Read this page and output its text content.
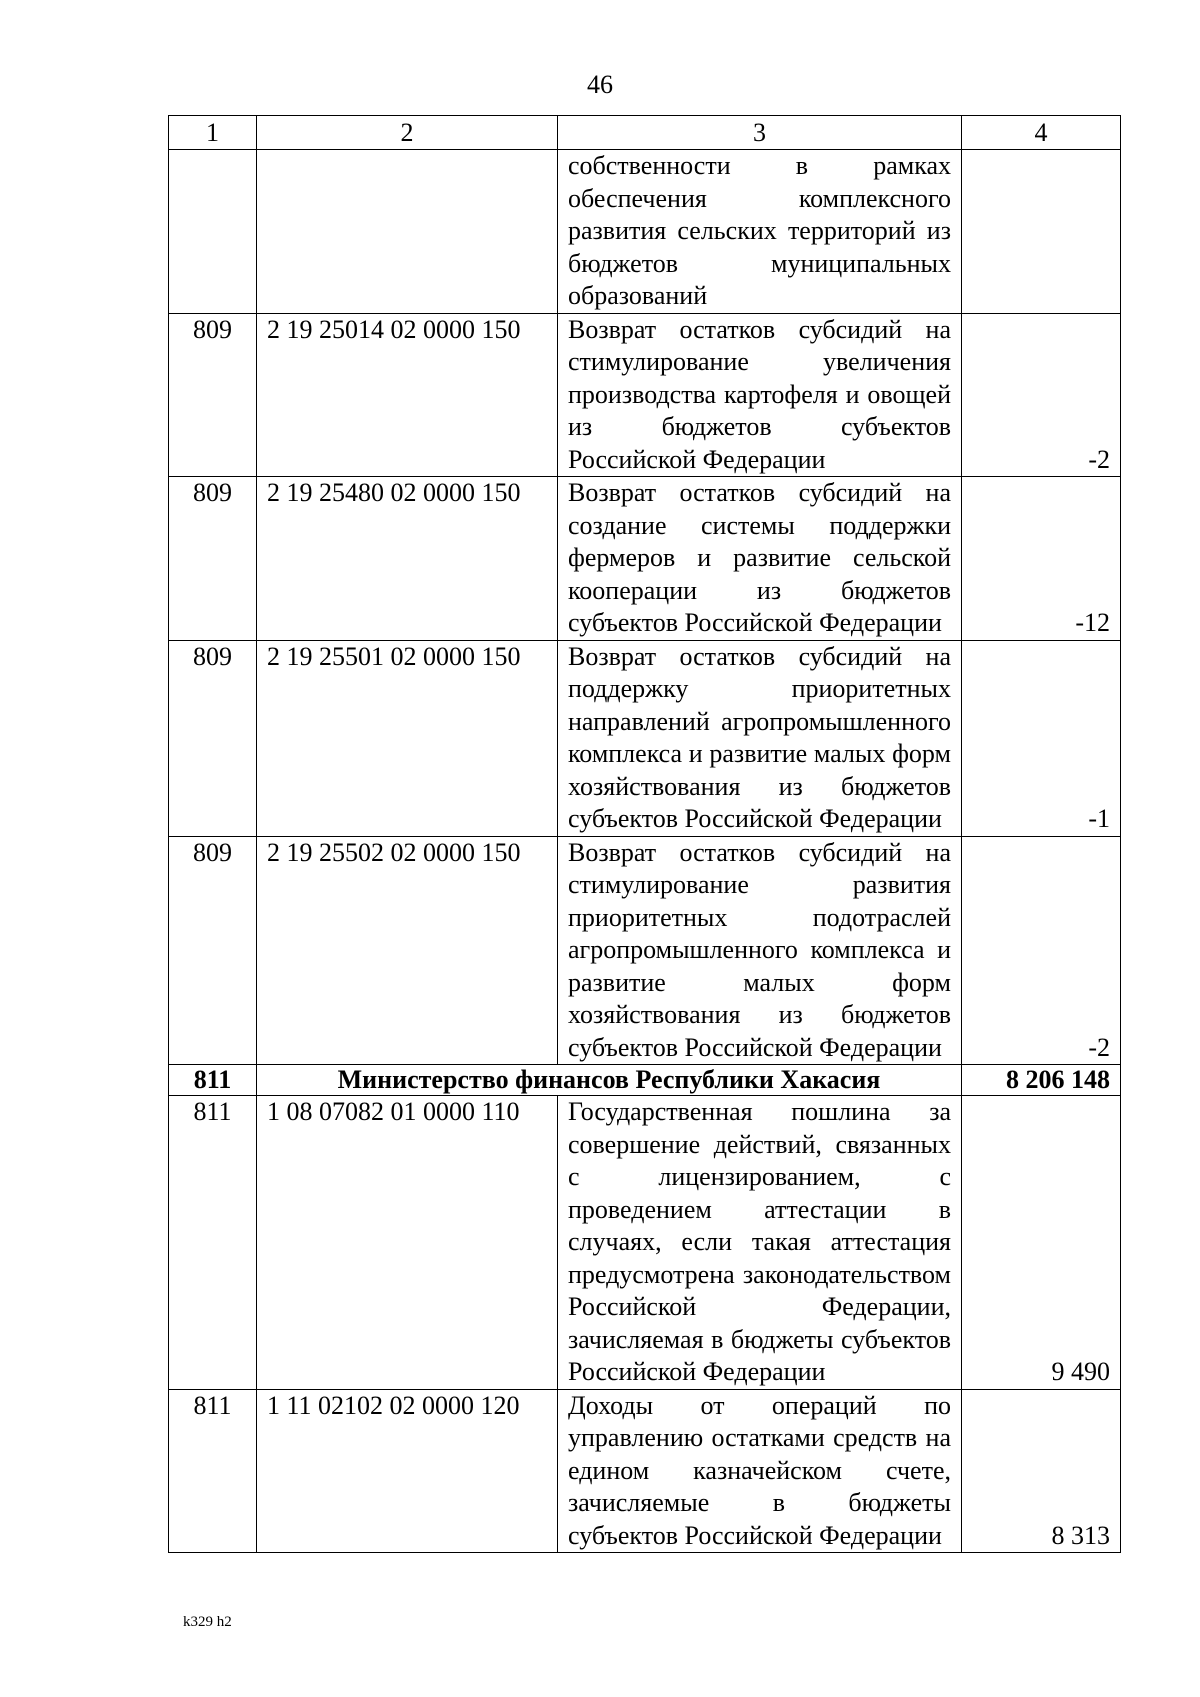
46
1	2	3	4
		собственности в рамках обеспечения комплексного развития сельских территорий из бюджетов муниципальных образований	
809	2 19 25014 02 0000 150	Возврат остатков субсидий на стимулирование увеличения производства картофеля и овощей из бюджетов субъектов Российской Федерации	-2
809	2 19 25480 02 0000 150	Возврат остатков субсидий на создание системы поддержки фермеров и развитие сельской кооперации из бюджетов субъектов Российской Федерации	-12
809	2 19 25501 02 0000 150	Возврат остатков субсидий на поддержку приоритетных направлений агропромышленного комплекса и развитие малых форм хозяйствования из бюджетов субъектов Российской Федерации	-1
809	2 19 25502 02 0000 150	Возврат остатков субсидий на стимулирование развития приоритетных подотраслей агропромышленного комплекса и развитие малых форм хозяйствования из бюджетов субъектов Российской Федерации	-2
811	Министерство финансов Республики Хакасия		8 206 148
811	1 08 07082 01 0000 110	Государственная пошлина за совершение действий, связанных с лицензированием, с проведением аттестации в случаях, если такая аттестация предусмотрена законодательством Российской Федерации, зачисляемая в бюджеты субъектов Российской Федерации	9 490
811	1 11 02102 02 0000 120	Доходы от операций по управлению остатками средств на едином казначейском счете, зачисляемые в бюджеты субъектов Российской Федерации	8 313
k329 h2
